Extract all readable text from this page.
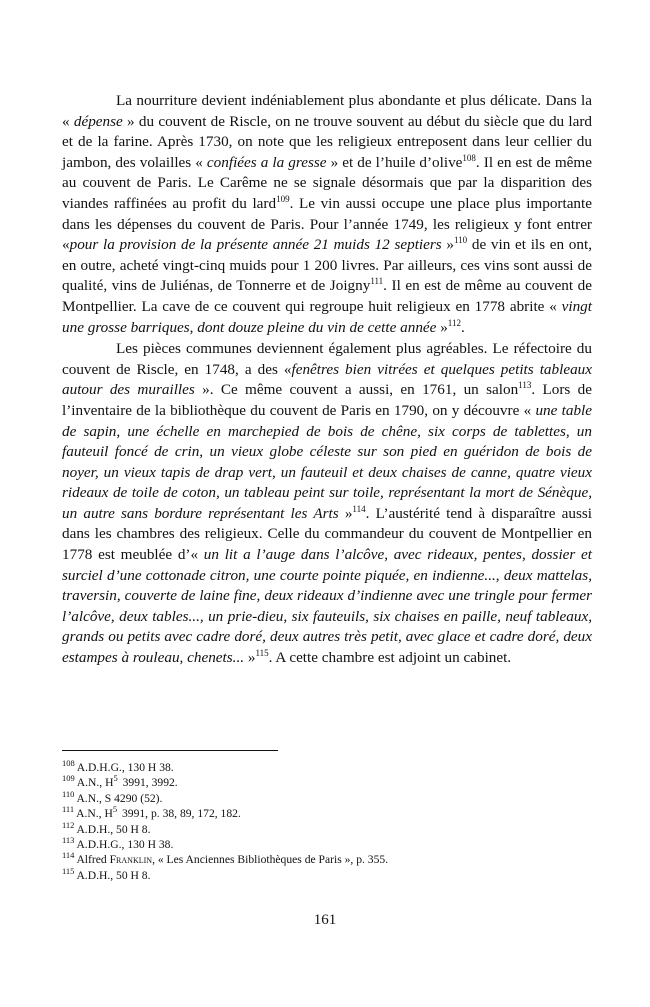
La nourriture devient indéniablement plus abondante et plus délicate. Dans la « dépense » du couvent de Riscle, on ne trouve souvent au début du siècle que du lard et de la farine. Après 1730, on note que les religieux entreposent dans leur cellier du jambon, des volailles « confiées a la gresse » et de l’huile d’olive$^{108}$. Il en est de même au couvent de Paris. Le Carême ne se signale désormais que par la disparition des viandes raffinées au profit du lard$^{109}$. Le vin aussi occupe une place plus importante dans les dépenses du couvent de Paris. Pour l’année 1749, les religieux y font entrer «pour la provision de la présente année 21 muids 12 septiers »$^{110}$ de vin et ils en ont, en outre, acheté vingt-cinq muids pour 1 200 livres. Par ailleurs, ces vins sont aussi de qualité, vins de Juliénas, de Tonnerre et de Joigny$^{111}$. Il en est de même au couvent de Montpellier. La cave de ce couvent qui regroupe huit religieux en 1778 abrite « vingt une grosse barriques, dont douze pleine du vin de cette année »$^{112}$.

Les pièces communes deviennent également plus agréables. Le réfectoire du couvent de Riscle, en 1748, a des «fenêtres bien vitrées et quelques petits tableaux autour des murailles ». Ce même couvent a aussi, en 1761, un salon$^{113}$. Lors de l’inventaire de la bibliothèque du couvent de Paris en 1790, on y découvre « une table de sapin, une échelle en marchepied de bois de chêne, six corps de tablettes, un fauteuil foncé de crin, un vieux globe céleste sur son pied en guéridon de bois de noyer, un vieux tapis de drap vert, un fauteuil et deux chaises de canne, quatre vieux rideaux de toile de coton, un tableau peint sur toile, représentant la mort de Sénèque, un autre sans bordure représentant les Arts »$^{114}$. L’austérité tend à disparaître aussi dans les chambres des religieux. Celle du commandeur du couvent de Montpellier en 1778 est meublée d’« un lit a l’auge dans l’alcôve, avec rideaux, pentes, dossier et surciel d’une cottonade citron, une courte pointe piquée, en indienne..., deux mattelas, traversin, couverte de laine fine, deux rideaux d’indienne avec une tringle pour fermer l’alcôve, deux tables..., un prie-dieu, six fauteuils, six chaises en paille, neuf tableaux, grands ou petits avec cadre doré, deux autres très petit, avec glace et cadre doré, deux estampes à rouleau, chenets... »$^{115}$. A cette chambre est adjoint un cabinet.

$^{108}$ A.D.H.G., 130 H 38.
$^{109}$ A.N., $H^5$ 3991, 3992.
$^{110}$ A.N., S 4290 (52).
$^{111}$ A.N., $H^5$ 3991, p. 38, 89, 172, 182.
$^{112}$ A.D.H., 50 H 8.
$^{113}$ A.D.H.G., 130 H 38.
$^{114}$ Alfred Franklin, « Les Anciennes Bibliothèques de Paris », p. 355.
$^{115}$ A.D.H., 50 H 8.
161
